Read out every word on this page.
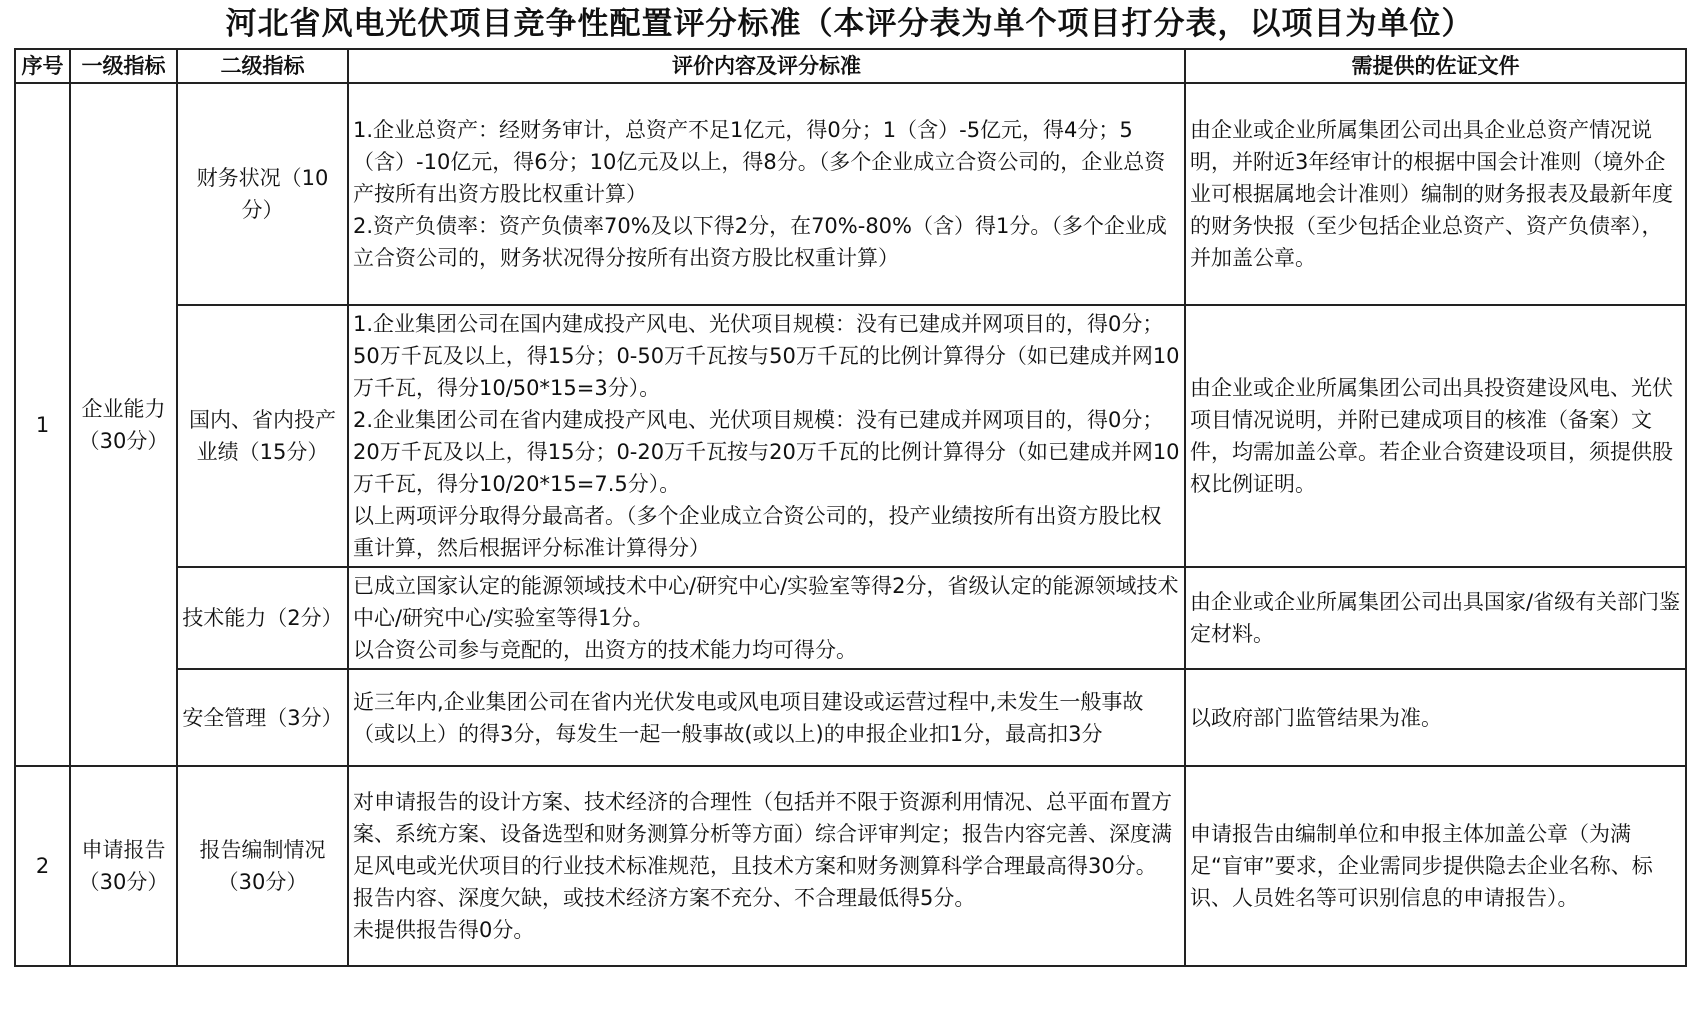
河北省风电光伏项目竞争性配置评分标准（本评分表为单个项目打分表，以项目为单位）
序号	一级指标	二级指标	评价内容及评分标准	需提供的佐证文件
1	企业能力（30分）	财务状况（10分）	1.企业总资产：经财务审计，总资产不足1亿元，得0分；1（含）-5亿元，得4分；5（含）-10亿元，得6分；10亿元及以上，得8分。（多个企业成立合资公司的，企业总资产按所有出资方股比权重计算）

2.资产负债率：资产负债率70%及以下得2分，在70%-80%（含）得1分。（多个企业成立合资公司的，财务状况得分按所有出资方股比权重计算）	由企业或企业所属集团公司出具企业总资产情况说明，并附近3年经审计的根据中国会计准则（境外企业可根据属地会计准则）编制的财务报表及最新年度的财务快报（至少包括企业总资产、资产负债率），并加盖公章。
		国内、省内投产业绩（15分）	1.企业集团公司在国内建成投产风电、光伏项目规模：没有已建成并网项目的，得0分；50万千瓦及以上，得15分；0-50万千瓦按与50万千瓦的比例计算得分（如已建成并网10万千瓦，得分10/50*15=3分）。

2.企业集团公司在省内建成投产风电、光伏项目规模：没有已建成并网项目的，得0分；20万千瓦及以上，得15分；0-20万千瓦按与20万千瓦的比例计算得分（如已建成并网10万千瓦，得分10/20*15=7.5分）。

以上两项评分取得分最高者。（多个企业成立合资公司的，投产业绩按所有出资方股比权重计算，然后根据评分标准计算得分）	由企业或企业所属集团公司出具投资建设风电、光伏项目情况说明，并附已建成项目的核准（备案）文件，均需加盖公章。若企业合资建设项目，须提供股权比例证明。
		技术能力（2分）	已成立国家认定的能源领域技术中心/研究中心/实验室等得2分，省级认定的能源领域技术中心/研究中心/实验室等得1分。

以合资公司参与竞配的，出资方的技术能力均可得分。	由企业或企业所属集团公司出具国家/省级有关部门鉴定材料。
		安全管理（3分）	近三年内,企业集团公司在省内光伏发电或风电项目建设或运营过程中,未发生一般事故（或以上）的得3分，每发生一起一般事故(或以上)的申报企业扣1分，最高扣3分	以政府部门监管结果为准。
2	申请报告（30分）	报告编制情况（30分）	对申请报告的设计方案、技术经济的合理性（包括并不限于资源利用情况、总平面布置方案、系统方案、设备选型和财务测算分析等方面）综合评审判定；报告内容完善、深度满足风电或光伏项目的行业技术标准规范，且技术方案和财务测算科学合理最高得30分。

报告内容、深度欠缺，或技术经济方案不充分、不合理最低得5分。

未提供报告得0分。	申请报告由编制单位和申报主体加盖公章（为满足“盲审”要求，企业需同步提供隐去企业名称、标识、人员姓名等可识别信息的申请报告）。
